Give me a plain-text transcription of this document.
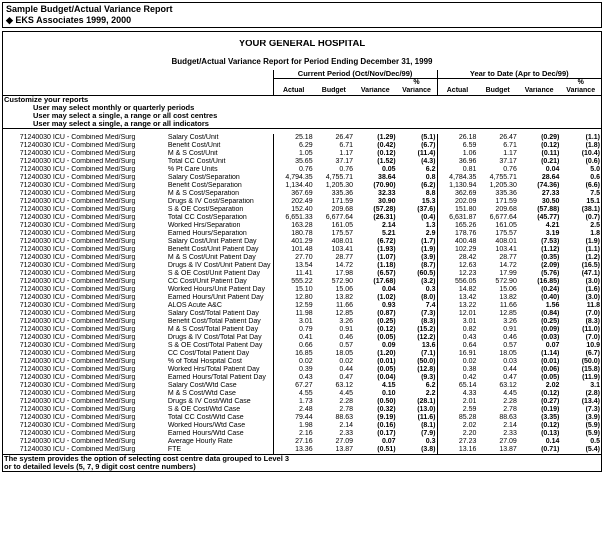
Sample Budget/Actual Variance Report
◆ EKS Associates 1999, 2000

YOUR GENERAL HOSPITAL										

Budget/Actual Variance Report for Period Ending December 31, 1999										

			Current Period (Oct/Nov/Dec/99)				Year to Date (Apr to Dec/99)			
						%				%
			Actual	Budget	Variance	Variance	Actual	Budget	Variance	Variance
Customize your reports										
User may select monthly or quarterly periods										
User may select a single, a range or all cost centres										
User may select a single, a range or all indicators										

71240030	ICU - Combined Med/Surg	Salary Cost/Unit	25.18	26.47	(1.29)	(5.1)	26.18	26.47	(0.29)	(1.1)
71240030	ICU - Combined Med/Surg	Benefit Cost/Unit	6.29	6.71	(0.42)	(6.7)	6.59	6.71	(0.12)	(1.8)
71240030	ICU - Combined Med/Surg	M & S Cost/Unit	1.05	1.17	(0.12)	(11.4)	1.06	1.17	(0.11)	(10.4)
71240030	ICU - Combined Med/Surg	Total CC Cost/Unit	35.65	37.17	(1.52)	(4.3)	36.96	37.17	(0.21)	(0.6)
71240030	ICU - Combined Med/Surg	% Pt Care Units	0.76	0.76	0.05	6.2	0.81	0.76	0.04	5.0
71240030	ICU - Combined Med/Surg	Salary Cost/Separation	4,794.35	4,755.71	38.64	0.8	4,784.35	4,755.71	28.64	0.6
71240030	ICU - Combined Med/Surg	Benefit Cost/Separation	1,134.40	1,205.30	(70.90)	(6.2)	1,130.94	1,205.30	(74.36)	(6.6)
71240030	ICU - Combined Med/Surg	M & S Cost/Separation	367.69	335.36	32.33	8.8	362.69	335.36	27.33	7.5
71240030	ICU - Combined Med/Surg	Drugs & IV Cost/Separation	202.49	171.59	30.90	15.3	202.09	171.59	30.50	15.1
71240030	ICU - Combined Med/Surg	S & OE Cost/Separation	152.40	209.68	(57.28)	(37.6)	151.80	209.68	(57.88)	(38.1)
71240030	ICU - Combined Med/Surg	Total CC Cost/Separation	6,651.33	6,677.64	(26.31)	(0.4)	6,631.87	6,677.64	(45.77)	(0.7)
71240030	ICU - Combined Med/Surg	Worked Hrs/Separation	163.28	161.05	2.14	1.3	165.26	161.05	4.21	2.5
71240030	ICU - Combined Med/Surg	Earned Hours/Separation	180.78	175.57	5.21	2.9	178.76	175.57	3.19	1.8
71240030	ICU - Combined Med/Surg	Salary Cost/Unit Patient Day	401.29	408.01	(6.72)	(1.7)	400.48	408.01	(7.53)	(1.9)
71240030	ICU - Combined Med/Surg	Benefit Cost/Unit Patient Day	101.48	103.41	(1.93)	(1.9)	102.29	103.41	(1.12)	(1.1)
71240030	ICU - Combined Med/Surg	M & S Cost/Unit Patient Day	27.70	28.77	(1.07)	(3.9)	28.42	28.77	(0.35)	(1.2)
71240030	ICU - Combined Med/Surg	Drugs & IV Cost/Unit Patient Day	13.54	14.72	(1.18)	(8.7)	12.63	14.72	(2.09)	(16.5)
71240030	ICU - Combined Med/Surg	S & OE Cost/Unit Patient Day	11.41	17.98	(6.57)	(60.5)	12.23	17.99	(5.76)	(47.1)
71240030	ICU - Combined Med/Surg	CC Cost/Unit Patient Day	555.22	572.90	(17.68)	(3.2)	556.05	572.90	(16.85)	(3.0)
71240030	ICU - Combined Med/Surg	Worked Hours/Unit Patient Day	15.10	15.06	0.04	0.3	14.82	15.06	(0.24)	(1.6)
71240030	ICU - Combined Med/Surg	Earned Hours/Unit Patient Day	12.80	13.82	(1.02)	(8.0)	13.42	13.82	(0.40)	(3.0)
71240030	ICU - Combined Med/Surg	ALOS Acute A&C	12.59	11.66	0.93	7.4	13.22	11.66	1.56	11.8
71240030	ICU - Combined Med/Surg	Salary Cost/Total Patient Day	11.98	12.85	(0.87)	(7.3)	12.01	12.85	(0.84)	(7.0)
71240030	ICU - Combined Med/Surg	Benefit Cost/Total Patient Day	3.01	3.26	(0.25)	(8.3)	3.01	3.26	(0.25)	(8.3)
71240030	ICU - Combined Med/Surg	M & S Cost/Total Patient Day	0.79	0.91	(0.12)	(15.2)	0.82	0.91	(0.09)	(11.0)
71240030	ICU - Combined Med/Surg	Drugs & IV Cost/Total Pat Day	0.41	0.46	(0.05)	(12.2)	0.43	0.46	(0.03)	(7.0)
71240030	ICU - Combined Med/Surg	S & OE Cost/Total Patient Day	0.66	0.57	0.09	13.6	0.64	0.57	0.07	10.9
71240030	ICU - Combined Med/Surg	CC Cost/Total Patient Day	16.85	18.05	(1.20)	(7.1)	16.91	18.05	(1.14)	(6.7)
71240030	ICU - Combined Med/Surg	% of Total Hospital Cost	0.02	0.02	(0.01)	(50.0)	0.02	0.03	(0.01)	(50.0)
71240030	ICU - Combined Med/Surg	Worked Hrs/Total Patient Day	0.39	0.44	(0.05)	(12.8)	0.38	0.44	(0.06)	(15.8)
71240030	ICU - Combined Med/Surg	Earned Hours/Total Patient Day	0.43	0.47	(0.04)	(9.3)	0.42	0.47	(0.05)	(11.9)
71240030	ICU - Combined Med/Surg	Salary Cost/Wtd Case	67.27	63.12	4.15	6.2	65.14	63.12	2.02	3.1
71240030	ICU - Combined Med/Surg	M & S Cost/Wtd Case	4.55	4.45	0.10	2.2	4.33	4.45	(0.12)	(2.8)
71240030	ICU - Combined Med/Surg	Drugs & IV Cost/Wtd Case	1.73	2.28	(0.50)	(28.1)	2.01	2.28	(0.27)	(13.4)
71240030	ICU - Combined Med/Surg	S & OE Cost/Wtd Case	2.48	2.78	(0.32)	(13.0)	2.59	2.78	(0.19)	(7.3)
71240030	ICU - Combined Med/Surg	Total CC Cost/Wtd Case	79.44	88.63	(9.19)	(11.6)	85.28	88.63	(3.35)	(3.9)
71240030	ICU - Combined Med/Surg	Worked Hours/Wtd Case	1.98	2.14	(0.16)	(8.1)	2.02	2.14	(0.12)	(5.9)
71240030	ICU - Combined Med/Surg	Earned Hours/Wtd Case	2.16	2.33	(0.17)	(7.9)	2.20	2.33	(0.13)	(5.9)
71240030	ICU - Combined Med/Surg	Average Hourly Rate	27.16	27.09	0.07	0.3	27.23	27.09	0.14	0.5
71240030	ICU - Combined Med/Surg	FTE	13.36	13.87	(0.51)	(3.8)	13.16	13.87	(0.71)	(5.4)
The system provides the option of selecting cost centre data grouped to Level 3										
or to detailed levels (5, 7, 9 digit cost centre numbers)										
